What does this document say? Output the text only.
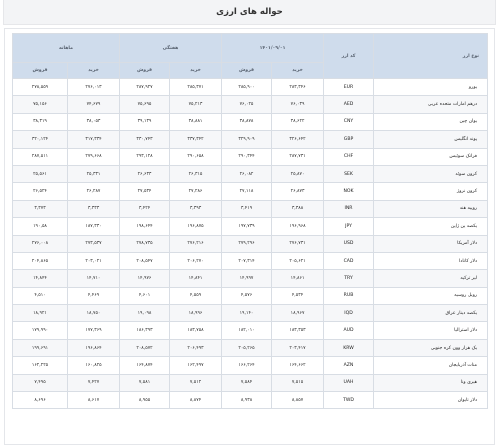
حواله های ارزی
نوع ارز	کد ارز	۱۴۰۱/۰۹/۰۱		هفتگی		ماهانه	

		خرید	فروش	خرید	فروش	خرید	فروش
یورو	EUR	۲۸۳,۳۴۶	۲۸۵,۹۰۰	۲۸۵,۳۷۱	۲۸۷,۹۲۷	۲۷۶,۰۱۳	۲۷۸,۵۵۹
درهم امارات متحده عربی	AED	۷۶,۰۳۹	۷۶,۰۲۵	۷۵,۲۱۳	۷۵,۶۹۵	۷۴,۶۷۹	۷۵,۱۵۶
یوان چین	CNY	۳۸,۶۲۲	۳۸,۸۷۸	۳۸,۸۸۱	۳۹,۱۳۹	۳۸,۰۵۳	۳۸,۳۱۹
پوند انگلیس	GBP	۳۲۶,۶۴۲	۳۲۹,۹۰۹	۳۳۷,۳۴۲	۳۳۰,۷۴۳	۳۱۷,۳۳۴	۳۲۰,۱۲۴
فرانک سوئیس	CHF	۲۸۷,۷۳۱	۲۹۰,۳۴۴	۲۹۰,۶۵۸	۲۹۳,۱۲۸	۲۷۹,۶۶۸	۲۸۷,۵۱۱
کرون سوئد	SEK	۲۵,۸۷۰	۲۶,۰۸۲	۲۶,۳۱۵	۲۶,۶۳۳	۲۵,۳۳۱	۲۵,۵۶۱
کرون نروژ	NOK	۲۶,۸۷۳	۲۷,۱۱۸	۲۷,۲۸۶	۲۷,۵۳۴	۲۶,۲۸۷	۲۶,۵۲۴
روپیه هند	INR	۳,۳۸۸	۳,۴۱۹	۳,۳۹۳	۳,۴۲۴	۳,۳۳۳	۳,۳۷۳
یکصد ین ژاپن	JPY	۱۹۶,۹۶۸	۱۹۷,۷۳۹	۱۹۶,۸۷۵	۱۹۸,۶۴۴	۱۸۷,۳۳۰	۱۹۰,۵۸
دلار آمریکا	USD	۲۷۶,۷۳۱	۲۷۹,۲۹۶	۲۷۶,۲۱۶	۲۷۸,۷۳۵	۲۷۳,۵۳۷	۲۷۶,۰۰۸
دلار کانادا	CAD	۲۰۵,۶۲۱	۲۰۷,۳۱۴	۲۰۶,۲۷۰	۲۰۸,۵۴۷	۲۰۳,۰۲۱	۲۰۴,۸۶۵
لیر ترکیه	TRY	۱۴,۸۶۱	۱۴,۹۹۷	۱۴,۸۴۱	۱۴,۹۷۶	۱۴,۷۱۰	۱۴,۸۴۴
روبل روسیه	RUB	۴,۵۳۴	۴,۵۷۶	۴,۵۵۹	۴,۶۰۱	۴,۴۶۹	۴,۵۱۰
یکصد دینار عراق	IQD	۱۸,۹۶۷	۱۹,۱۴۰	۱۸,۹۹۶	۱۹,۰۹۸	۱۸,۷۵۰	۱۸,۹۲۱
دلار استرالیا	AUD	۱۸۳,۳۵۳	۱۸۲,۰۱۰	۱۸۳,۷۵۸	۱۸۶,۳۹۳	۱۷۷,۳۶۹	۱۷۹,۹۹۰
یک هزار وون کره جنوبی	KRW	۲۰۳,۴۱۷	۲۰۵,۲۶۵	۲۰۶,۴۹۳	۲۰۸,۵۷۲	۱۹۶,۸۶۴	۱۹۹,۶۹۱
منات آذربایجان	AZN	۱۶۴,۶۶۲	۱۶۶,۲۶۴	۱۶۲,۴۹۷	۱۶۴,۸۷۴	۱۶۰,۸۲۵	۱۶۲,۲۲۵
هیری ونا	UAH	۷,۵۱۵	۷,۵۸۴	۷,۵۱۲	۷,۵۸۱	۷,۴۲۷	۷,۴۹۵
دلار تایوان	TWD	۸,۸۵۷	۸,۹۳۸	۸,۸۷۴	۸,۹۵۵	۸,۶۱۷	۸,۶۹۶
